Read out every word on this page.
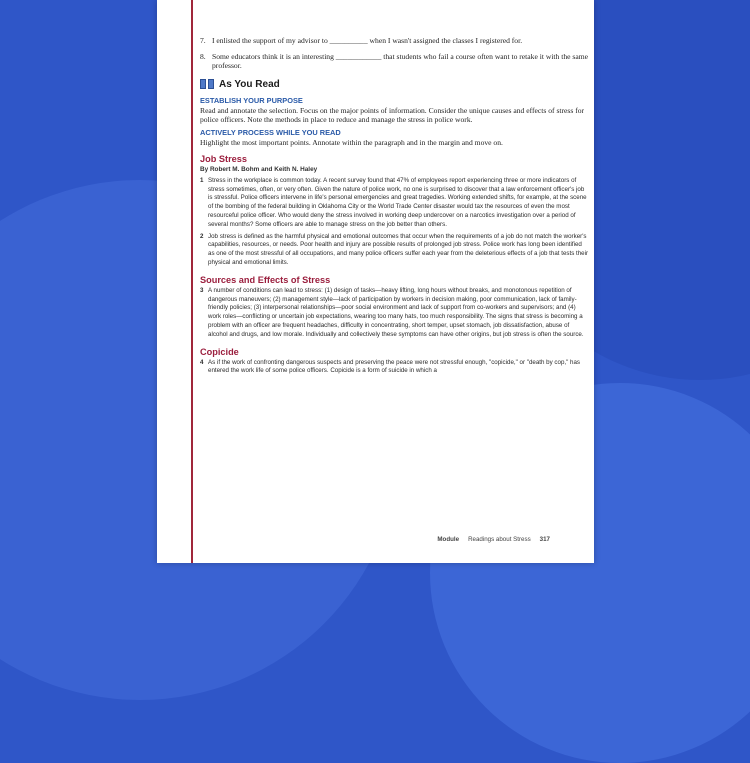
7. I enlisted the support of my advisor to __________ when I wasn't assigned the classes I registered for.
8. Some educators think it is an interesting ____________ that students who fail a course often want to retake it with the same professor.
As You Read
ESTABLISH YOUR PURPOSE

Read and annotate the selection. Focus on the major points of information. Consider the unique causes and effects of stress for police officers. Note the methods in place to reduce and manage the stress in police work.

ACTIVELY PROCESS WHILE YOU READ

Highlight the most important points. Annotate within the paragraph and in the margin and move on.

Job Stress
By Robert M. Bohm and Keith N. Haley
1 Stress in the workplace is common today. A recent survey found that 47% of employees report experiencing three or more indicators of stress sometimes, often, or very often. Given the nature of police work, no one is surprised to discover that a law enforcement officer's job is stressful. Police officers intervene in life's personal emergencies and great tragedies. Working extended shifts, for example, at the scene of the bombing of the federal building in Oklahoma City or the World Trade Center disaster would tax the resources of even the most resourceful police officer. Who would deny the stress involved in working deep undercover on a narcotics investigation over a period of several months? Some officers are able to manage stress on the job better than others.
2 Job stress is defined as the harmful physical and emotional outcomes that occur when the requirements of a job do not match the worker's capabilities, resources, or needs. Poor health and injury are possible results of prolonged job stress. Police work has long been identified as one of the most stressful of all occupations, and many police officers suffer each year from the deleterious effects of a job that tests their physical and emotional limits.
Sources and Effects of Stress
3 A number of conditions can lead to stress: (1) design of tasks—heavy lifting, long hours without breaks, and monotonous repetition of dangerous maneuvers; (2) management style—lack of participation by workers in decision making, poor communication, lack of family-friendly policies; (3) interpersonal relationships—poor social environment and lack of support from co-workers and supervisors; and (4) work roles—conflicting or uncertain job expectations, wearing too many hats, too much responsibility. The signs that stress is becoming a problem with an officer are frequent headaches, difficulty in concentrating, short temper, upset stomach, job dissatisfaction, abuse of alcohol and drugs, and low morale. Individually and collectively these symptoms can have other origins, but job stress is often the source.
Copicide
4 As if the work of confronting dangerous suspects and preserving the peace were not stressful enough, "copicide," or "death by cop," has entered the work life of some police officers. Copicide is a form of suicide in which a
Module Readings about Stress 317
